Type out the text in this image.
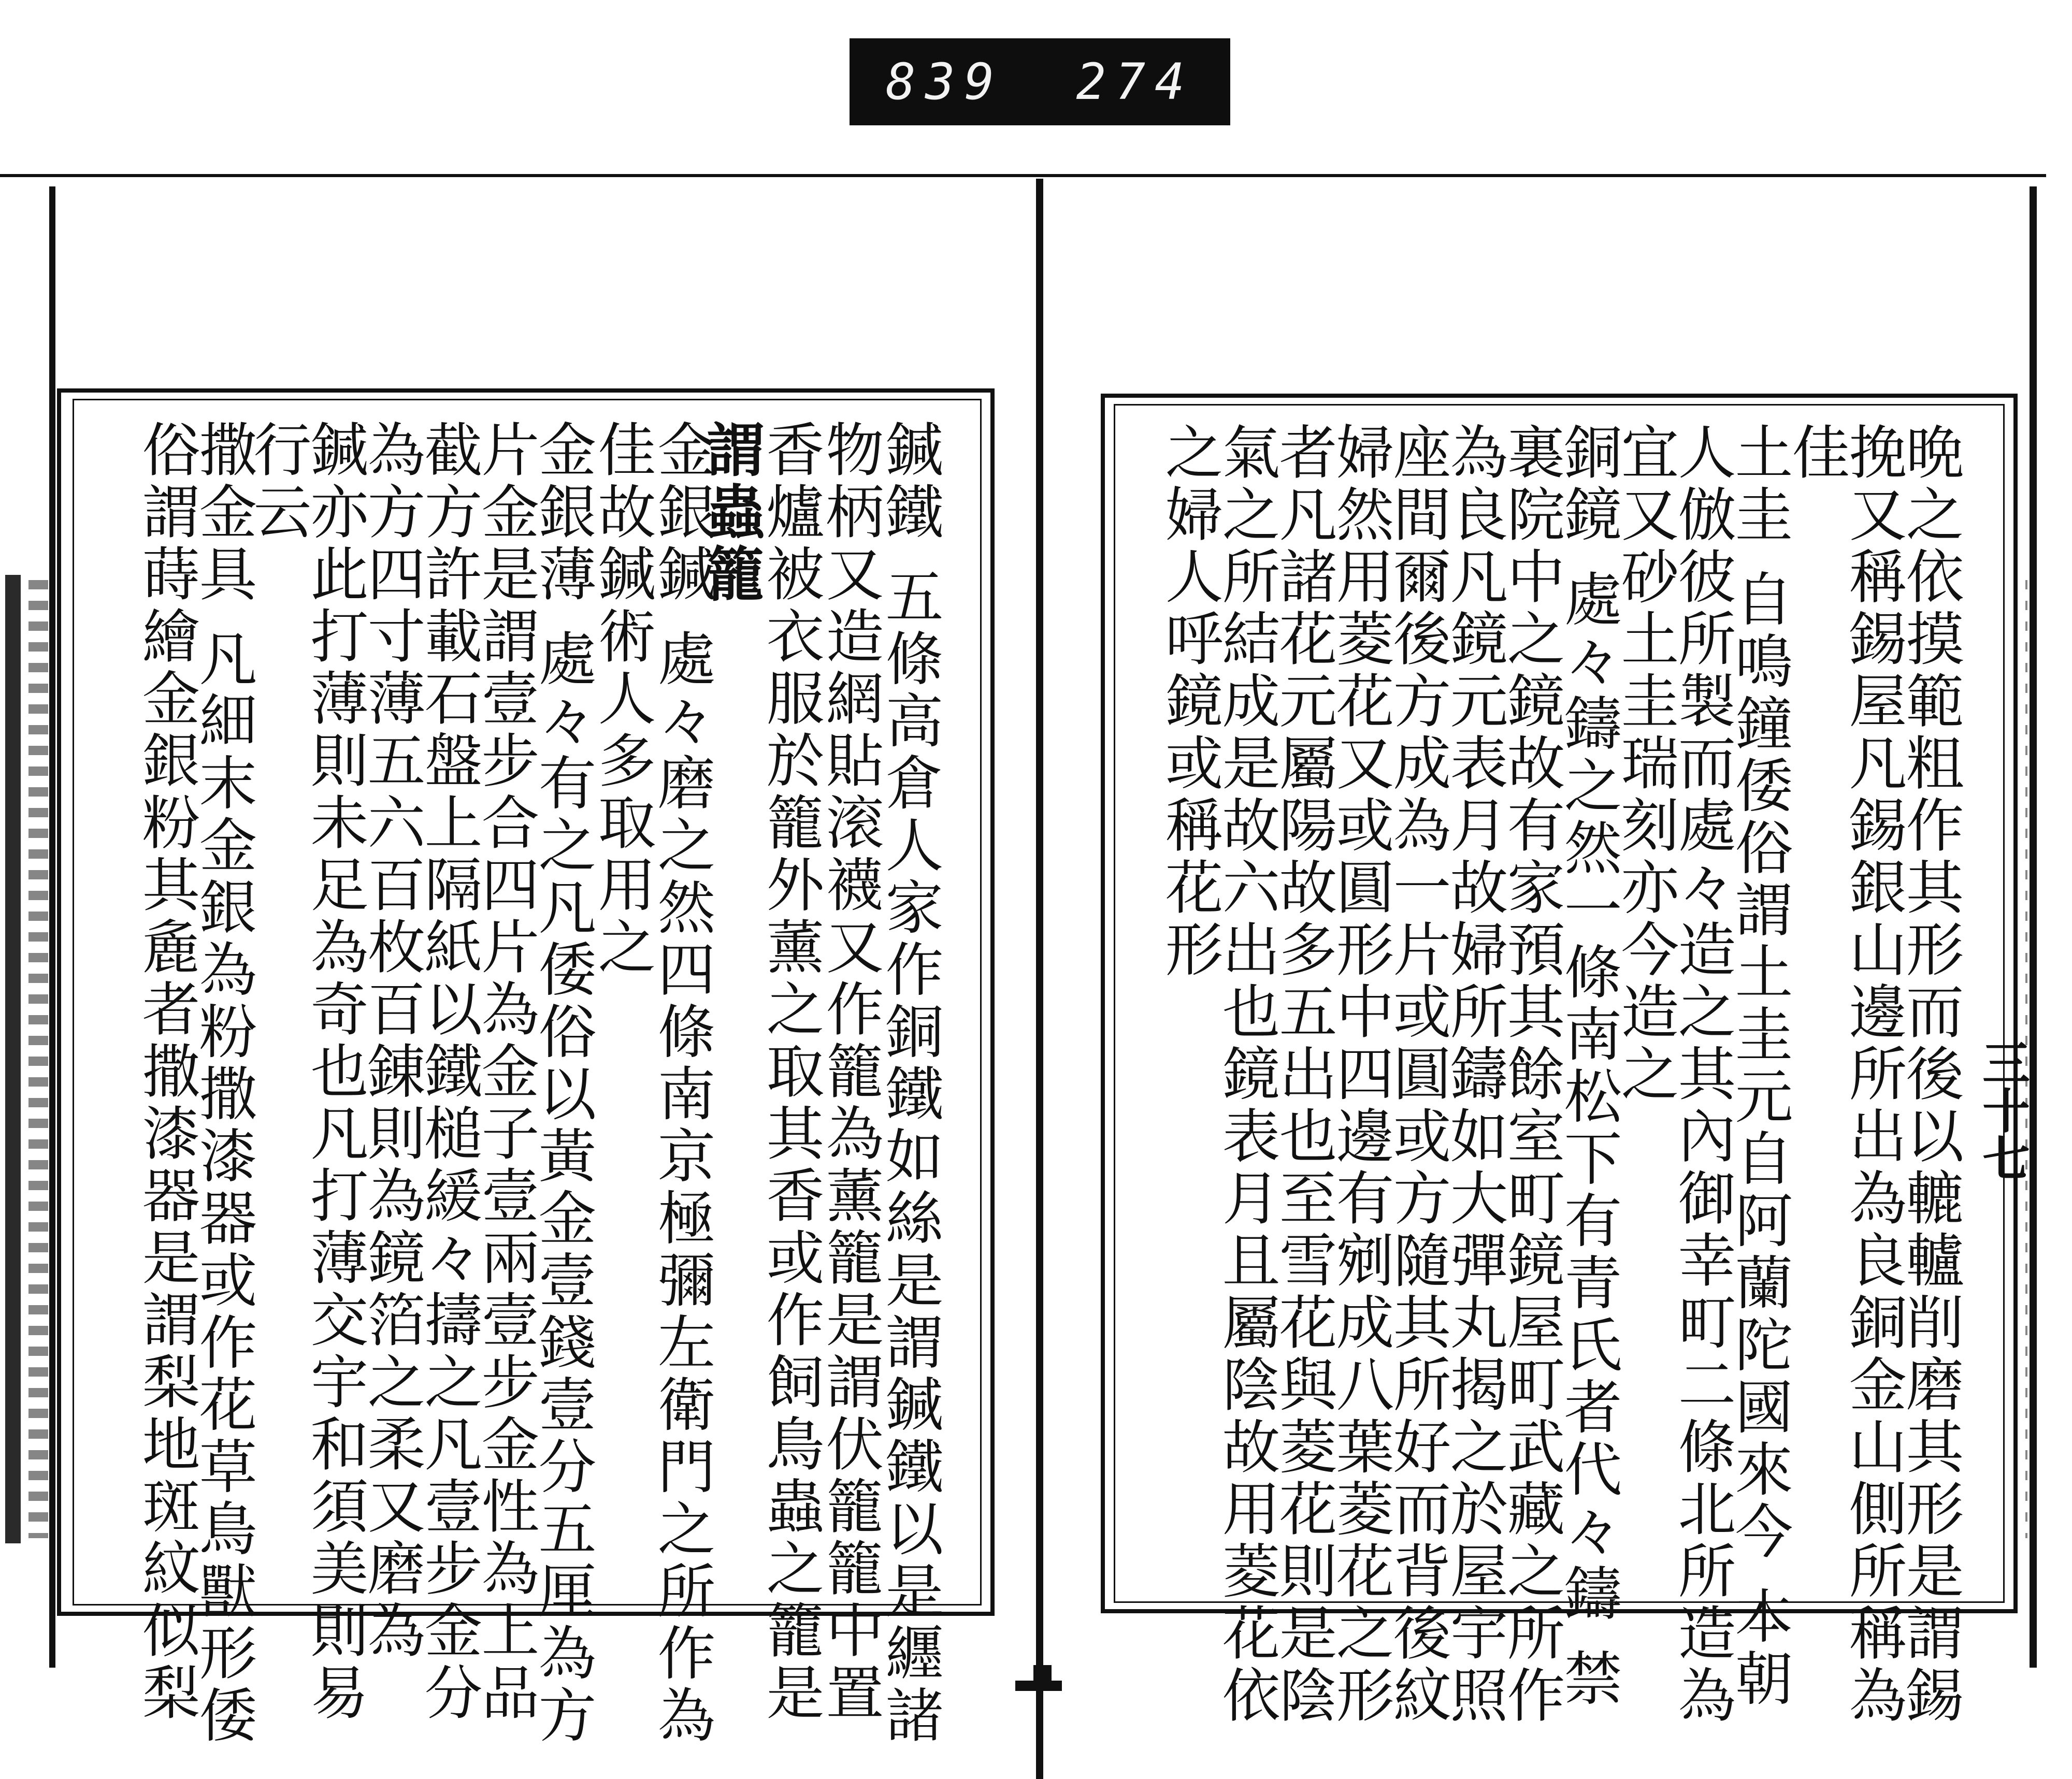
839 274
鍼鐵 五條高倉人家作銅鐵如絲是謂鍼鐵以是纒諸
物柄又造網貼滚襪又作籠為薰籠是謂伏籠籠中置
香爐被衣服於籠外薰之取其香或作飼鳥蟲之籠是
謂蟲籠
金銀鍼 處々磨之然四條南京極彌左衛門之所作為
佳故鍼術人多取用之
金銀薄 處々有之凡倭俗以黃金壹錢壹分五厘為方
片金是謂壹步合四片為金子壹兩壹步金性為上品
截方許載石盤上隔紙以鐵槌緩々擣之凡壹步金分
為方四寸薄五六百枚百錬則為鏡箔之柔又磨為
鍼亦此打薄則未足為奇也凡打薄交宇和須美則易
行云
撒金具 凡細末金銀為粉撒漆器或作花草鳥獸形倭
俗謂蒔繪金銀粉其麁者撒漆器是謂梨地斑紋似梨	晩之依摸範粗作其形而後以轆轤削磨其形是謂錫
挽又稱錫屋凡錫銀山邊所出為良銅金山側所稱為
佳
土圭 自鳴鐘倭俗謂土圭元自阿蘭陀國來今 本朝
人倣彼所製而處々造之其內御幸町二條北所造為
宜又砂土圭瑞刻亦今造之
銅鏡 處々鑄之然一條南松下有青氏者代々鑄 禁
裏院中之鏡故有家預其餘室町鏡屋町武藏之所作
為良凡鏡元表月故婦所鑄如大彈丸揭之於屋宇照
座間爾後方成為一片或圓或方隨其所好而背後紋
婦然用菱花又或圓形中四邊有剜成八葉菱花之形
者凡諸花元屬陽故多五出也至雪花與菱花則是陰
氣之所結成是故六出也鏡表月且屬陰故用菱花依
之婦人呼鏡或稱花形
三十七
